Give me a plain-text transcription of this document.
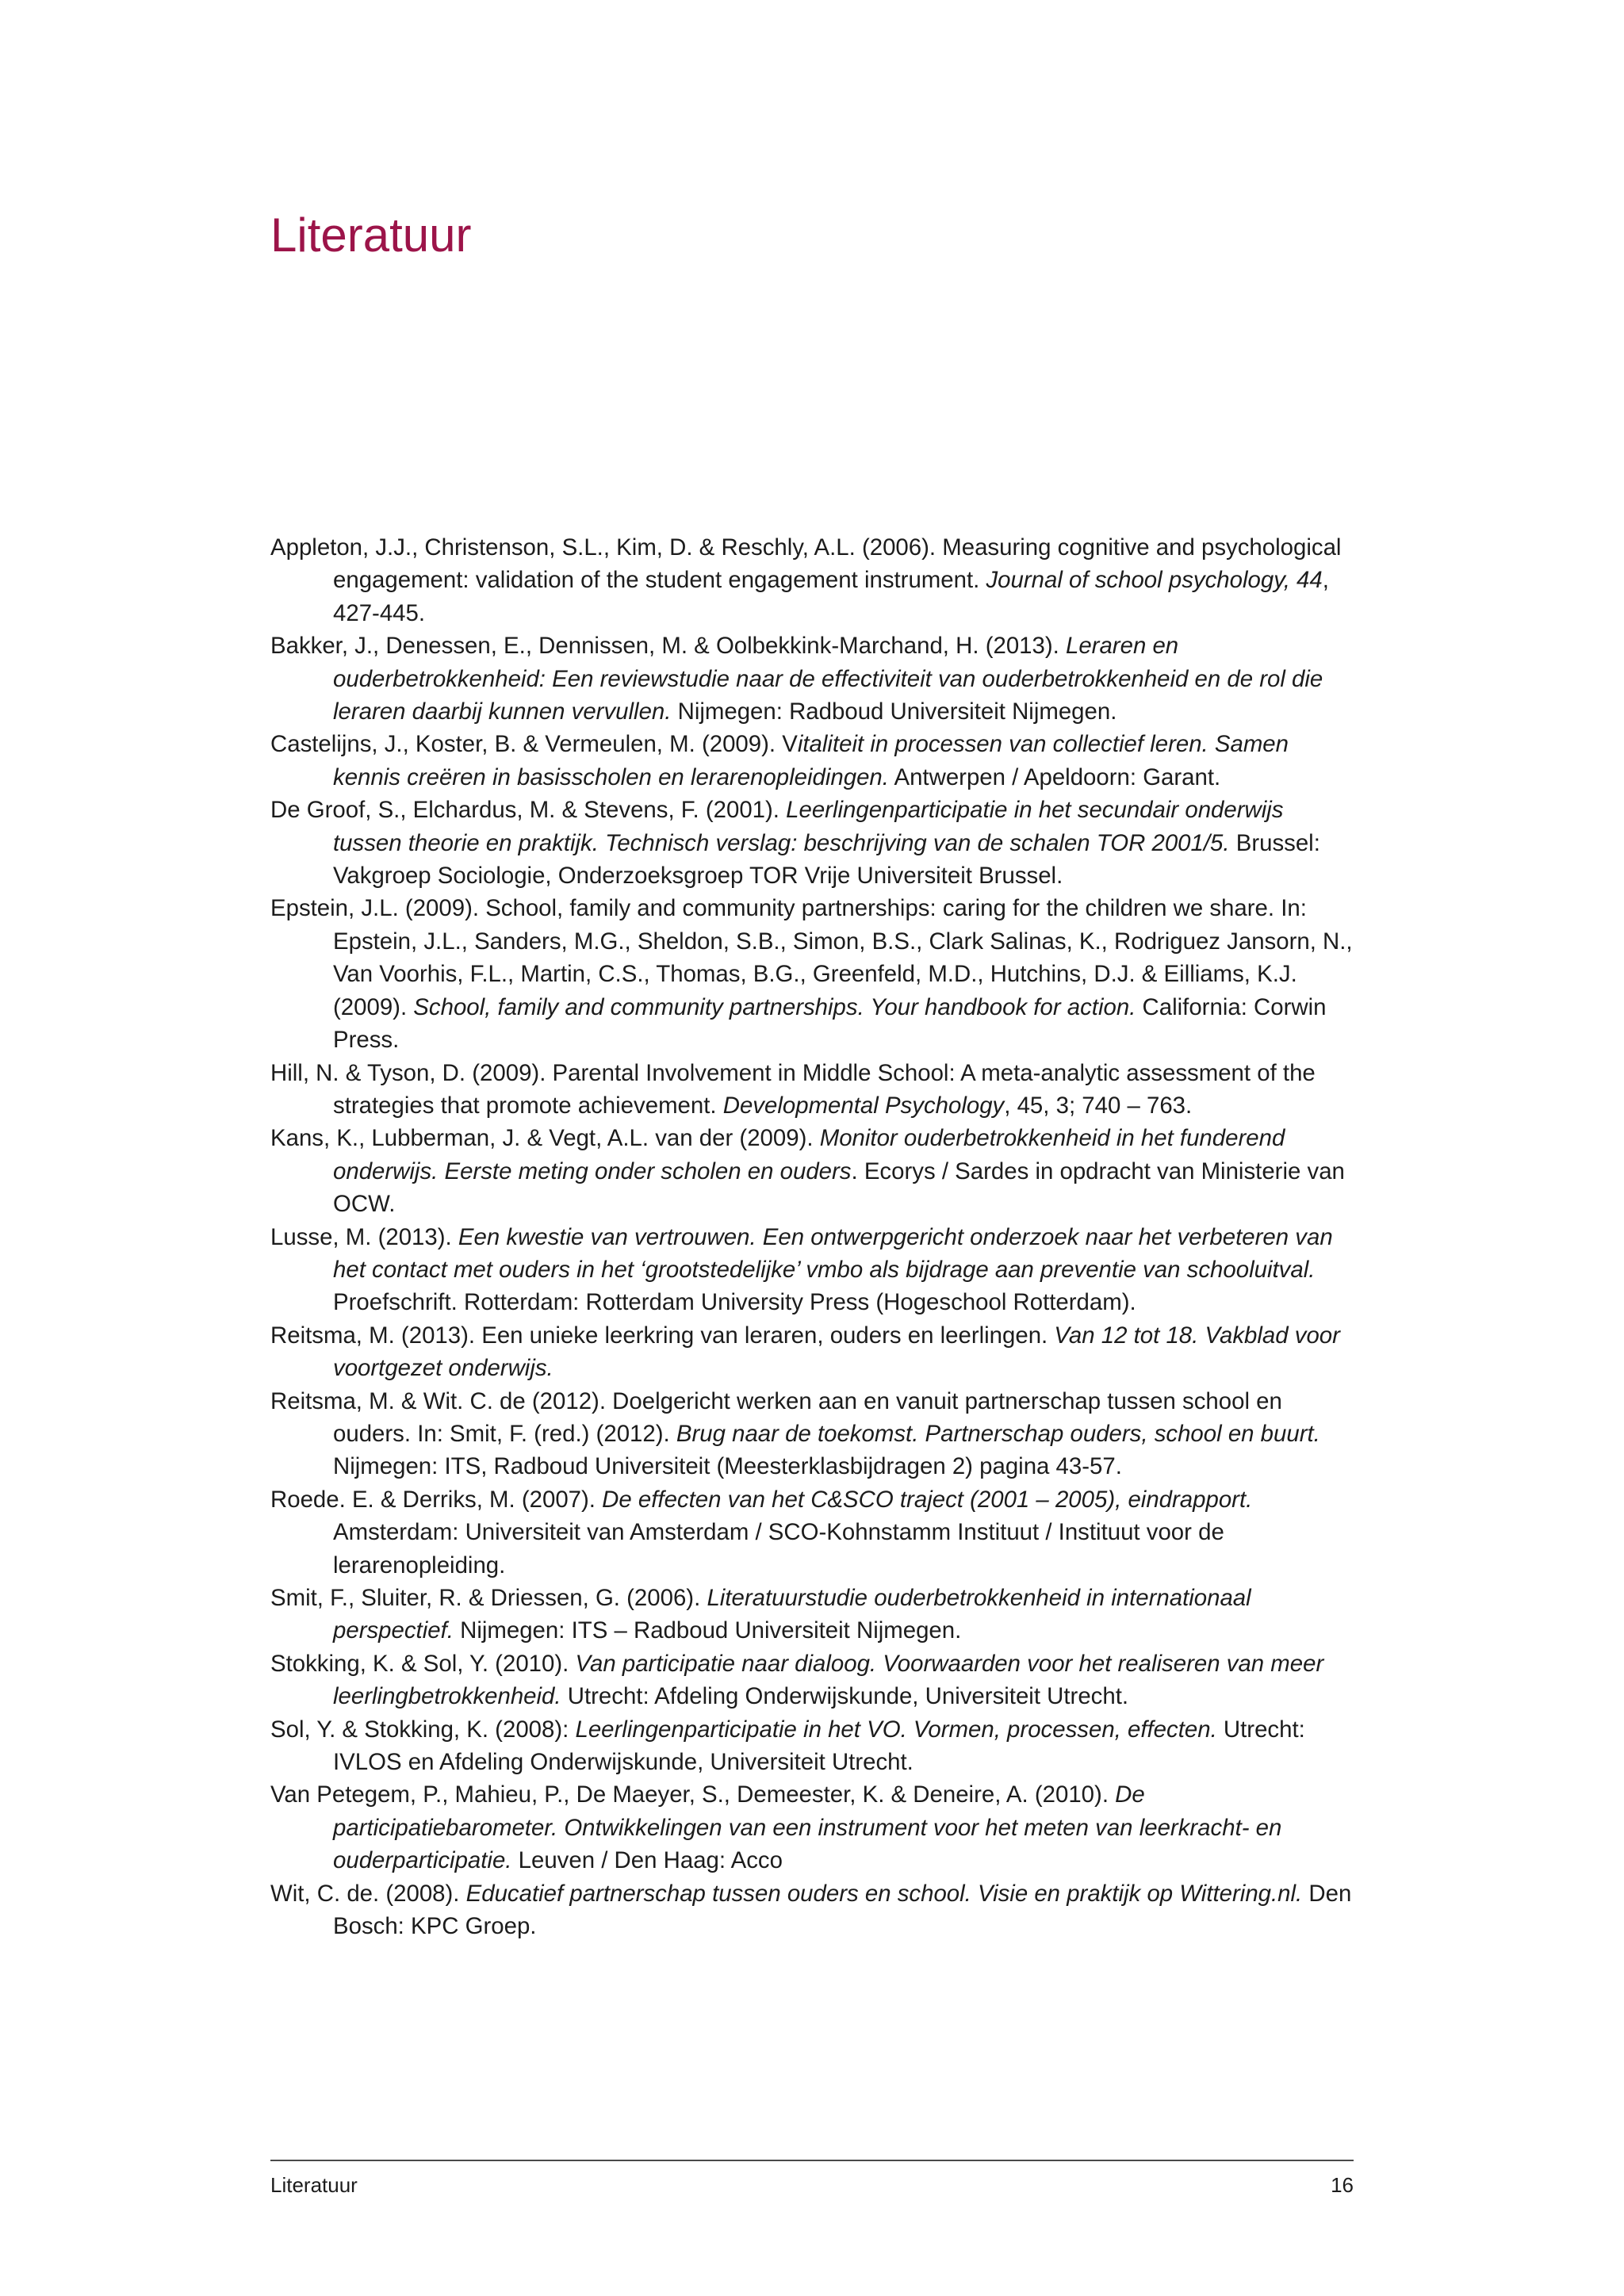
Literatuur

Appleton, J.J., Christenson, S.L., Kim, D. & Reschly, A.L. (2006). Measuring cognitive and psychological engagement: validation of the student engagement instrument. Journal of school psychology, 44, 427-445.

Bakker, J., Denessen, E., Dennissen, M. & Oolbekkink-Marchand, H. (2013). Leraren en ouderbetrokkenheid: Een reviewstudie naar de effectiviteit van ouderbetrokkenheid en de rol die leraren daarbij kunnen vervullen. Nijmegen: Radboud Universiteit Nijmegen.

Castelijns, J., Koster, B. & Vermeulen, M. (2009). Vitaliteit in processen van collectief leren. Samen kennis creëren in basisscholen en lerarenopleidingen. Antwerpen / Apeldoorn: Garant.

De Groof, S., Elchardus, M. & Stevens, F. (2001). Leerlingenparticipatie in het secundair onderwijs tussen theorie en praktijk. Technisch verslag: beschrijving van de schalen TOR 2001/5. Brussel: Vakgroep Sociologie, Onderzoeksgroep TOR Vrije Universiteit Brussel.

Epstein, J.L. (2009). School, family and community partnerships: caring for the children we share. In: Epstein, J.L., Sanders, M.G., Sheldon, S.B., Simon, B.S., Clark Salinas, K., Rodriguez Jansorn, N., Van Voorhis, F.L., Martin, C.S., Thomas, B.G., Greenfeld, M.D., Hutchins, D.J. & Eilliams, K.J. (2009). School, family and community partnerships. Your handbook for action. California: Corwin Press.

Hill, N. & Tyson, D. (2009). Parental Involvement in Middle School: A meta-analytic assessment of the strategies that promote achievement. Developmental Psychology, 45, 3; 740 – 763.

Kans, K., Lubberman, J. & Vegt, A.L. van der (2009). Monitor ouderbetrokkenheid in het funderend onderwijs. Eerste meting onder scholen en ouders. Ecorys / Sardes in opdracht van Ministerie van OCW.

Lusse, M. (2013). Een kwestie van vertrouwen. Een ontwerpgericht onderzoek naar het verbeteren van het contact met ouders in het ‘grootstedelijke’ vmbo als bijdrage aan preventie van schooluitval. Proefschrift. Rotterdam: Rotterdam University Press (Hogeschool Rotterdam).

Reitsma, M. (2013). Een unieke leerkring van leraren, ouders en leerlingen. Van 12 tot 18. Vakblad voor voortgezet onderwijs.

Reitsma, M. & Wit. C. de (2012). Doelgericht werken aan en vanuit partnerschap tussen school en ouders. In: Smit, F. (red.) (2012). Brug naar de toekomst. Partnerschap ouders, school en buurt. Nijmegen: ITS, Radboud Universiteit (Meesterklasbijdragen 2) pagina 43-57.

Roede. E. & Derriks, M. (2007). De effecten van het C&SCO traject (2001 – 2005), eindrapport. Amsterdam: Universiteit van Amsterdam / SCO-Kohnstamm Instituut / Instituut voor de lerarenopleiding.

Smit, F., Sluiter, R. & Driessen, G. (2006). Literatuurstudie ouderbetrokkenheid in internationaal perspectief. Nijmegen: ITS – Radboud Universiteit Nijmegen.

Stokking, K. & Sol, Y. (2010). Van participatie naar dialoog. Voorwaarden voor het realiseren van meer leerlingbetrokkenheid. Utrecht: Afdeling Onderwijskunde, Universiteit Utrecht.

Sol, Y. & Stokking, K. (2008): Leerlingenparticipatie in het VO. Vormen, processen, effecten. Utrecht: IVLOS en Afdeling Onderwijskunde, Universiteit Utrecht.

Van Petegem, P., Mahieu, P., De Maeyer, S., Demeester, K. & Deneire, A. (2010). De participatiebarometer. Ontwikkelingen van een instrument voor het meten van leerkracht- en ouderparticipatie. Leuven / Den Haag: Acco

Wit, C. de. (2008). Educatief partnerschap tussen ouders en school. Visie en praktijk op Wittering.nl. Den Bosch: KPC Groep.

Literatuur	16
